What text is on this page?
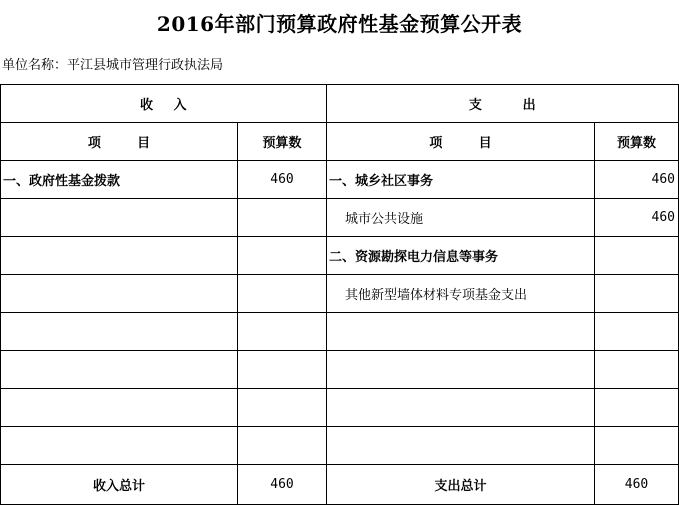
2016年部门预算政府性基金预算公开表
单位名称：平江县城市管理行政执法局
收    入		支        出	
项        目	预算数	项        目	预算数
一、政府性基金拨款	460	一、城乡社区事务	460
		城市公共设施	460
		二、资源勘探电力信息等事务	
		其他新型墙体材料专项基金支出	

收入总计	460	支出总计	460
